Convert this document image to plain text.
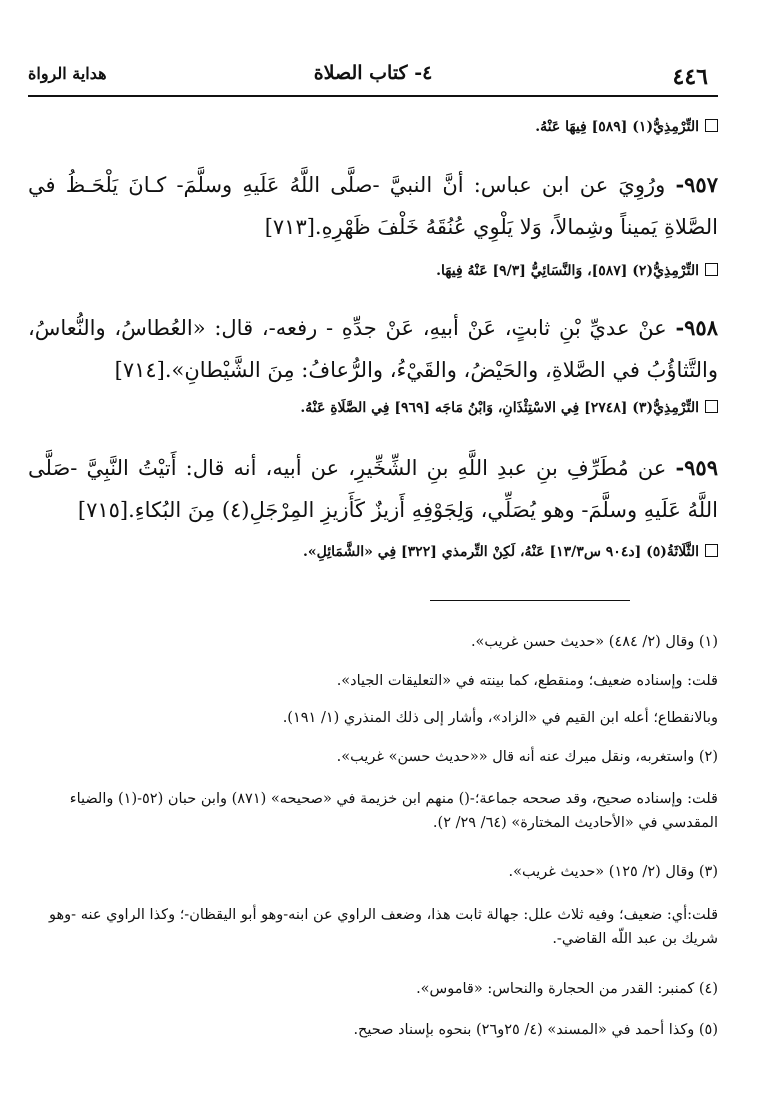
٤٤٦
٤- كتاب الصلاة
هداية الرواة
التِّرْمِذِيُّ(١) [٥٨٩] فِيهَا عَنْهُ.
٩٥٧- ورُوِيَ عن ابن عباس: أنَّ النبيَّ -صلَّى اللَّهُ عَلَيهِ وسلَّمَ- كـانَ يَلْحَـظُ في الصَّلاةِ يَميناً وشِمالاً، وَلا يَلْوِي عُنُقَهُ خَلْفَ ظَهْرِهِ.[٧١٣]
التِّرْمِذِيُّ(٢) [٥٨٧]، وَالنَّسَائِيُّ [٩/٣] عَنْهُ فِيهَا.
٩٥٨- عنْ عديِّ بْنِ ثابتٍ، عَنْ أبيهِ، عَنْ جدِّهِ - رفعه-، قال: «العُطاسُ، والنُّعاسُ، والتَّثاؤُبُ في الصَّلاةِ، والحَيْضُ، والقَيْءُ، والرُّعافُ: مِنَ الشَّيْطانِ».[٧١٤]
التِّرْمِذِيُّ(٣) [٢٧٤٨] فِي الاسْتِئْذَانِ، وَابْنُ مَاجَه [٩٦٩] فِي الصَّلَاةِ عَنْهُ.
٩٥٩- عن مُطَرِّفِ بنِ عبدِ اللَّهِ بنِ الشِّخِّيرِ، عن أبيه، أنه قال: أَتيْتُ النَّبِيَّ -صَلَّى اللَّهُ عَلَيهِ وسلَّمَ- وهو يُصَلِّي، وَلِجَوْفِهِ أَزيزٌ كَأَزيزِ المِرْجَلِ(٤) مِنَ البُكاءِ.[٧١٥]
الثَّلَاثَةُ(٥) [د٩٠٤ س١٣/٣] عَنْهُ، لَكِنْ التِّرمذي [٣٢٢] فِي «الشَّمَائِلِ».
(١) وقال (٢/ ٤٨٤) «حديث حسن غريب».
قلت: وإسناده ضعيف؛ ومنقطع، كما بينته في «التعليقات الجياد».
وبالانقطاع؛ أعله ابن القيم في «الزاد»، وأشار إلى ذلك المنذري (١/ ١٩١).
(٢) واستغربه، ونقل ميرك عنه أنه قال ««حديث حسن» غريب».
قلت: وإسناده صحيح، وقد صححه جماعة؛-() منهم ابن خزيمة في «صحيحه» (٨٧١) وابن حبان (٥٢-(١) والضياء المقدسي في «الأحاديث المختارة» (٦٤/ ٢٩/ ٢).
(٣) وقال (٢/ ١٢٥) «حديث غريب».
قلت:أي: ضعيف؛ وفيه ثلاث علل: جهالة ثابت هذا، وضعف الراوي عن ابنه-وهو أبو اليقظان-؛ وكذا الراوي عنه -وهو شريك بن عبد اللّه القاضي-.
(٤) كمنبر: القدر من الحجارة والنحاس: «قاموس».
(٥) وكذا أحمد في «المسند» (٤/ ٢٥و٢٦) بنحوه بإسناد صحيح.
